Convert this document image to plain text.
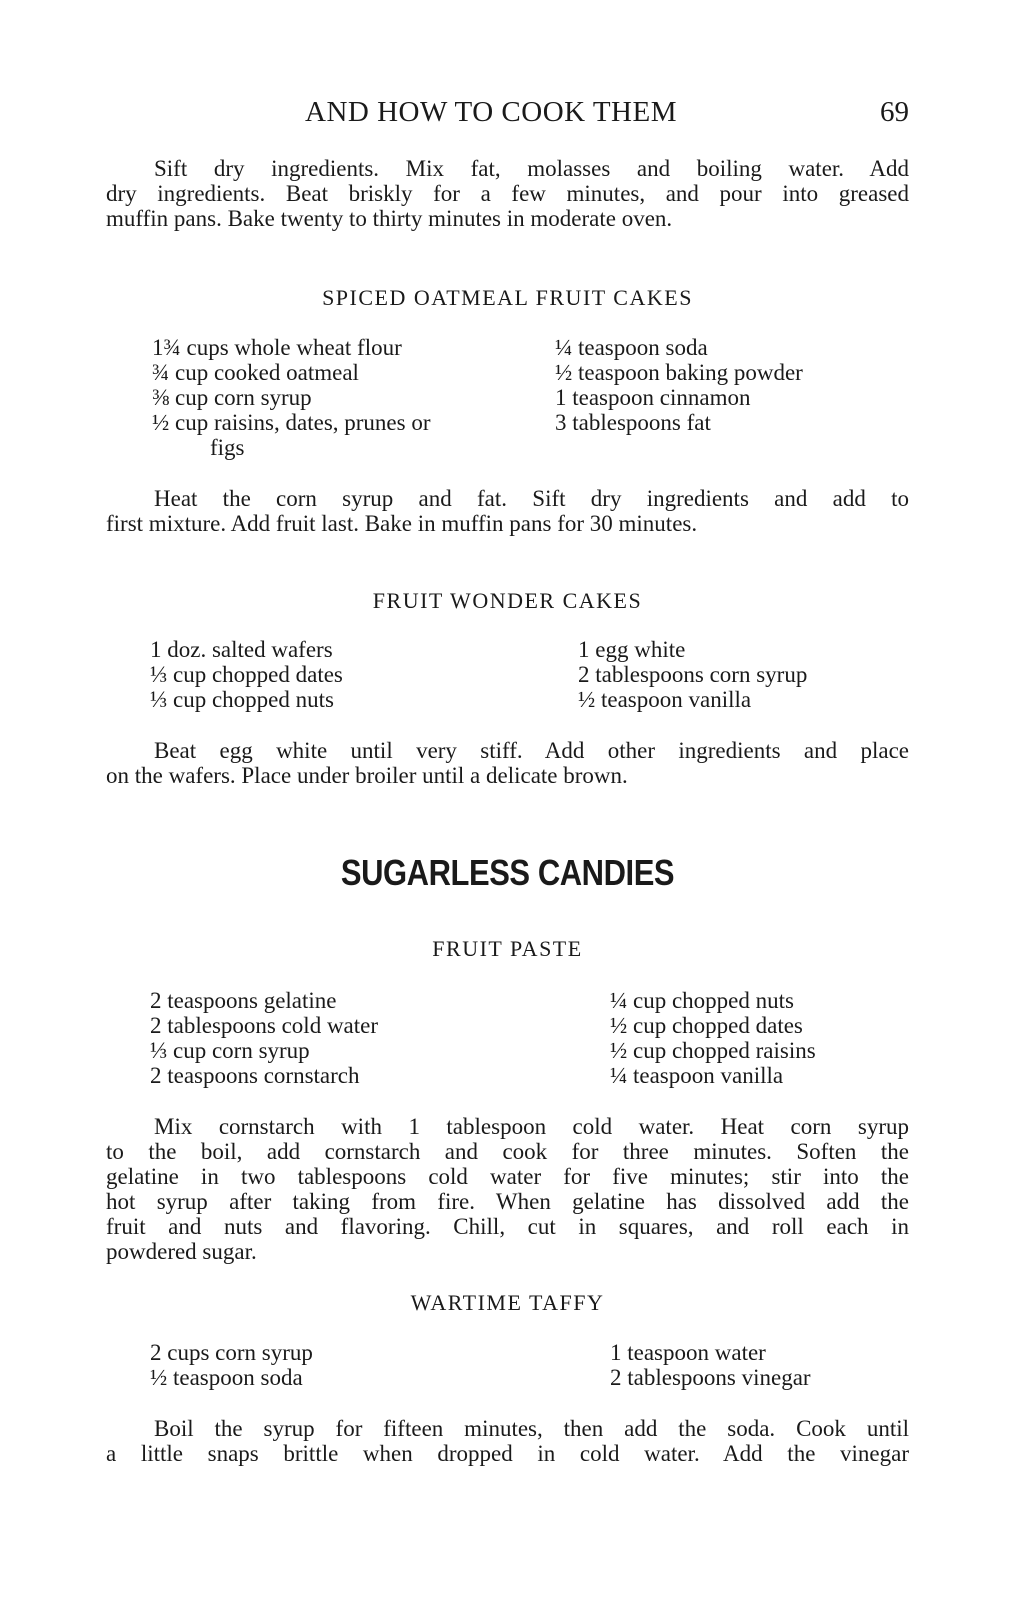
AND HOW TO COOK THEM	69
Sift dry ingredients. Mix fat, molasses and boiling water. Add
dry ingredients. Beat briskly for a few minutes, and pour into greased
muffin pans. Bake twenty to thirty minutes in moderate oven.
SPICED OATMEAL FRUIT CAKES
1¾ cups whole wheat flour
¾ cup cooked oatmeal
⅜ cup corn syrup
½ cup raisins, dates, prunes or
figs
¼ teaspoon soda
½ teaspoon baking powder
1 teaspoon cinnamon
3 tablespoons fat
Heat the corn syrup and fat. Sift dry ingredients and add to
first mixture. Add fruit last. Bake in muffin pans for 30 minutes.
FRUIT WONDER CAKES
1 doz. salted wafers
⅓ cup chopped dates
⅓ cup chopped nuts
1 egg white
2 tablespoons corn syrup
½ teaspoon vanilla
Beat egg white until very stiff. Add other ingredients and place
on the wafers. Place under broiler until a delicate brown.
SUGARLESS CANDIES
FRUIT PASTE
2 teaspoons gelatine
2 tablespoons cold water
⅓ cup corn syrup
2 teaspoons cornstarch
¼ cup chopped nuts
½ cup chopped dates
½ cup chopped raisins
¼ teaspoon vanilla
Mix cornstarch with 1 tablespoon cold water. Heat corn syrup
to the boil, add cornstarch and cook for three minutes. Soften the
gelatine in two tablespoons cold water for five minutes; stir into the
hot syrup after taking from fire. When gelatine has dissolved add the
fruit and nuts and flavoring. Chill, cut in squares, and roll each in
powdered sugar.
WARTIME TAFFY
2 cups corn syrup
½ teaspoon soda
1 teaspoon water
2 tablespoons vinegar
Boil the syrup for fifteen minutes, then add the soda. Cook until
a little snaps brittle when dropped in cold water. Add the vinegar
